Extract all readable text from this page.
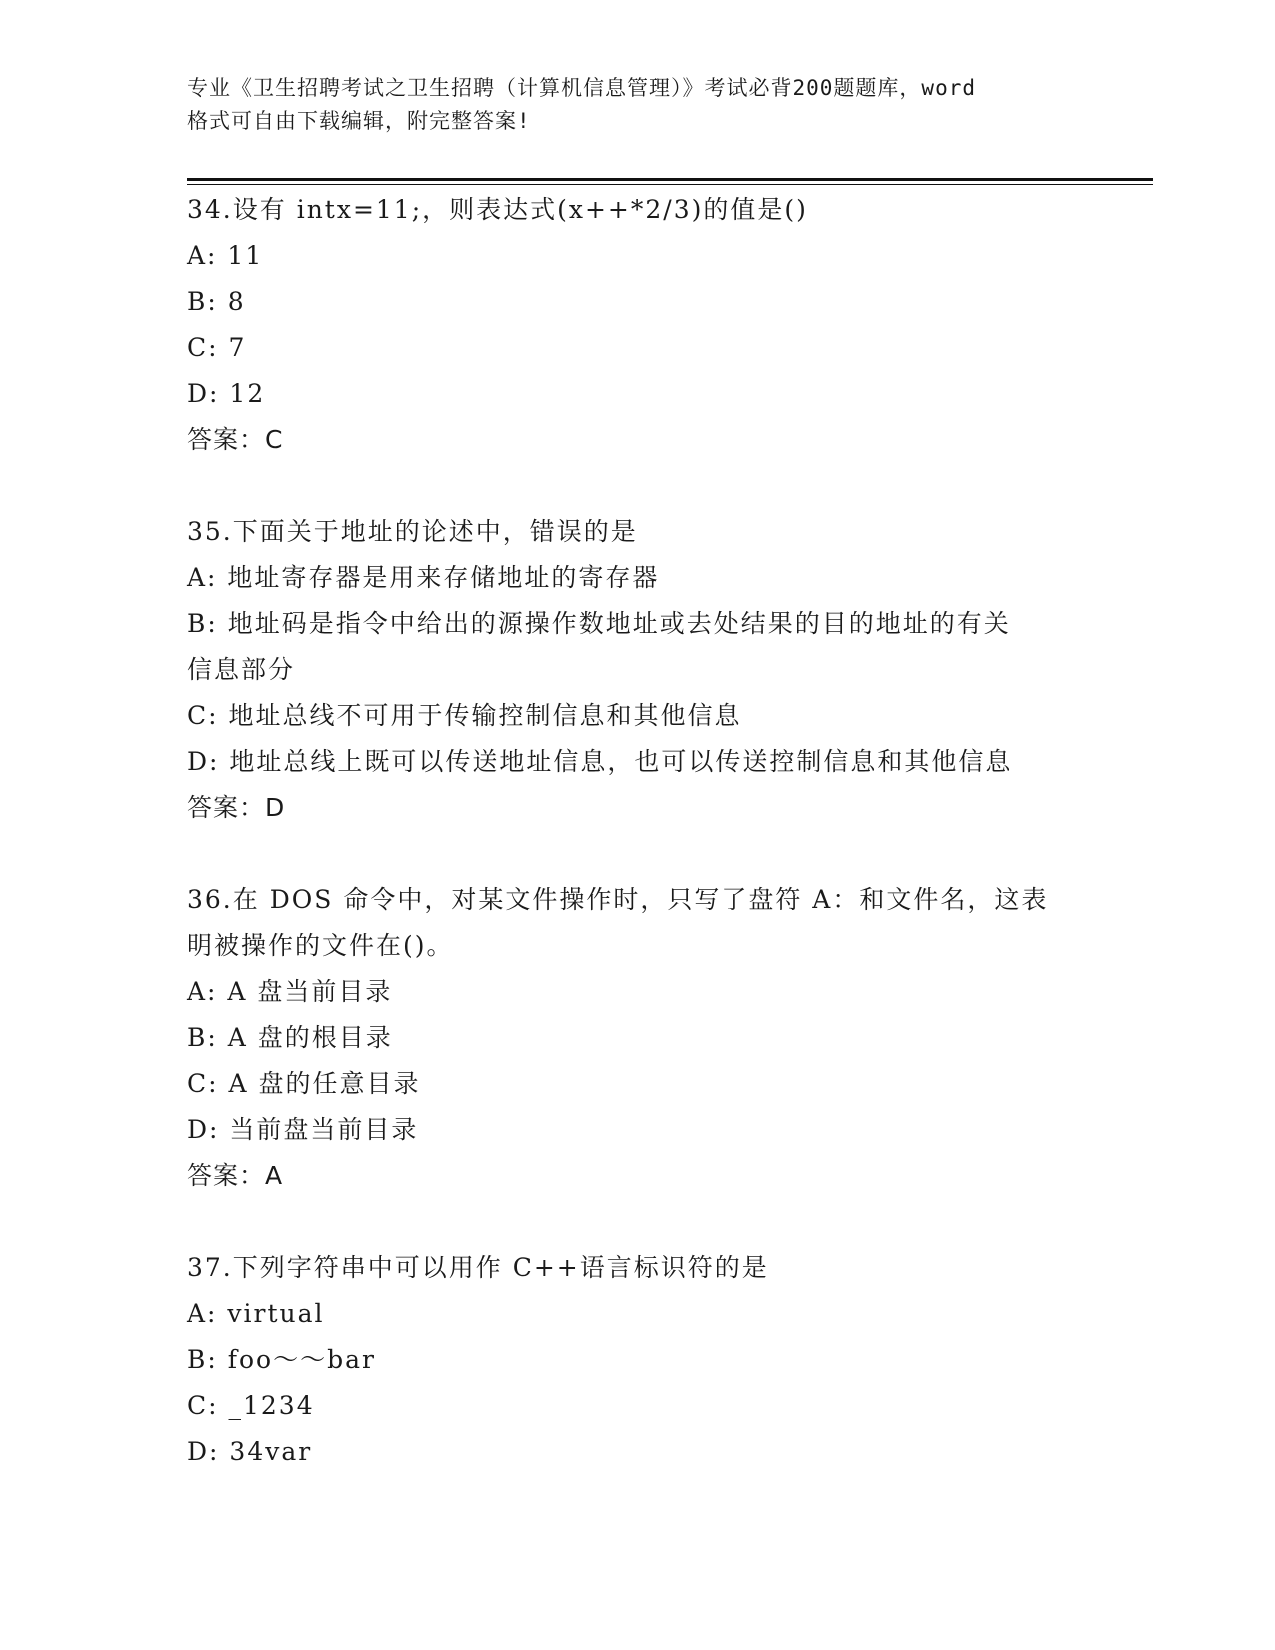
专业《卫生招聘考试之卫生招聘（计算机信息管理）》考试必背200题题库，word
格式可自由下载编辑，附完整答案!
34.设有 intx=11;，则表达式(x++*2/3)的值是()
A: 11
B: 8
C: 7
D: 12
答案：C
35.下面关于地址的论述中，错误的是
A: 地址寄存器是用来存储地址的寄存器
B: 地址码是指令中给出的源操作数地址或去处结果的目的地址的有关
信息部分
C: 地址总线不可用于传输控制信息和其他信息
D: 地址总线上既可以传送地址信息，也可以传送控制信息和其他信息
答案：D
36.在 DOS 命令中，对某文件操作时，只写了盘符 A：和文件名，这表
明被操作的文件在()。
A: A 盘当前目录
B: A 盘的根目录
C: A 盘的任意目录
D: 当前盘当前目录
答案：A
37.下列字符串中可以用作 C++语言标识符的是
A: virtual
B: foo～～bar
C: _1234
D: 34var
